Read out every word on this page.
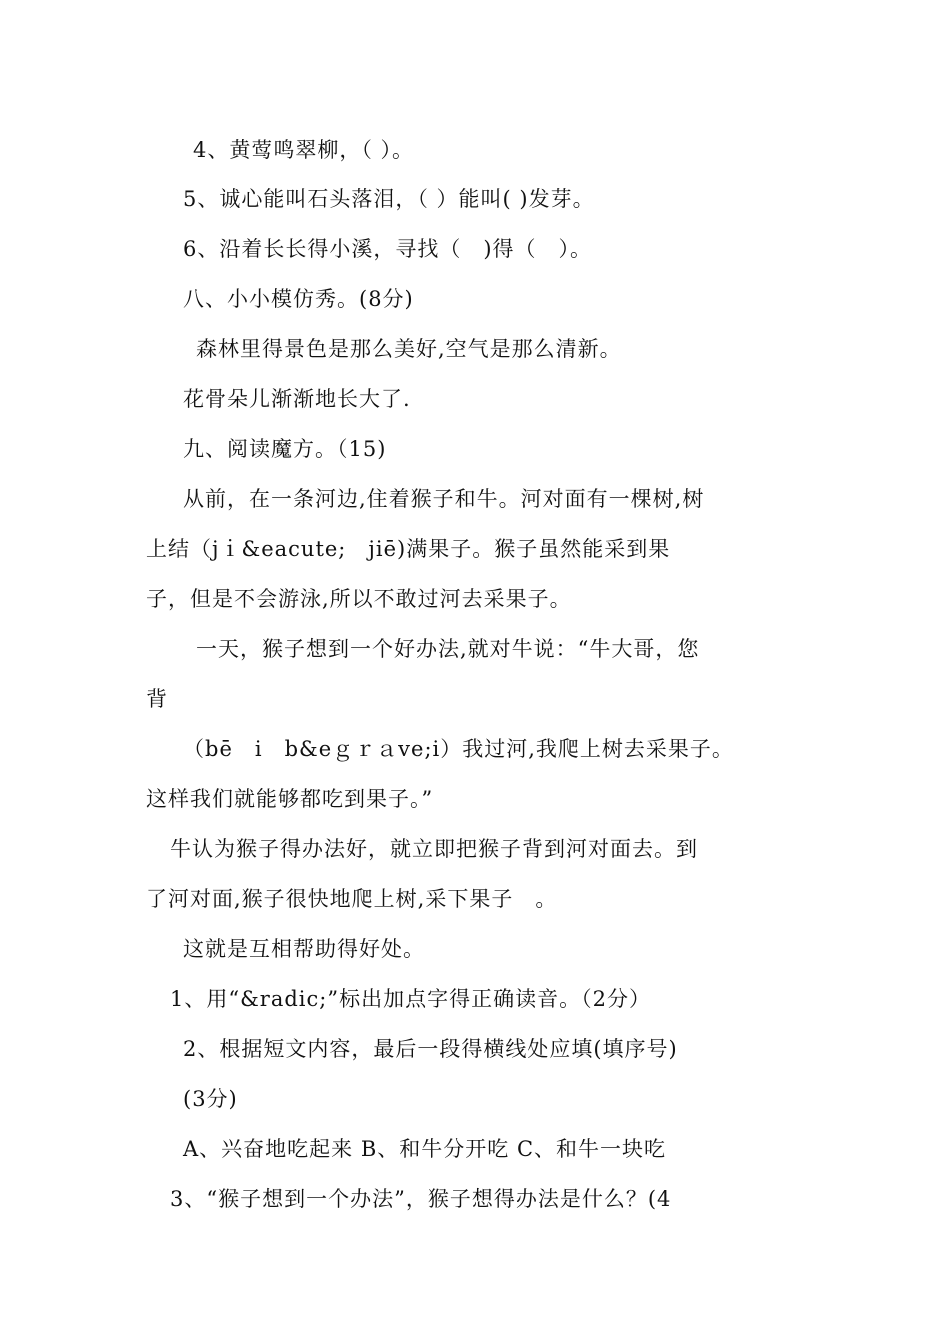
4、黄莺鸣翠柳，（ ）。
5、诚心能叫石头落泪，（ ）能叫( )发芽。
6、沿着长长得小溪，寻找（　)得（　）。
八、小小模仿秀。(8分)
森林里得景色是那么美好,空气是那么清新。
花骨朵儿渐渐地长大了.
九、阅读魔方。（15)
从前，在一条河边,住着猴子和牛。河对面有一棵树,树
上结（jｉ&eacute;　jiē)满果子。猴子虽然能采到果
子，但是不会游泳,所以不敢过河去采果子。
一天，猴子想到一个好办法,就对牛说：“牛大哥，您
背
（bē　i　b&eｇｒａve;i）我过河,我爬上树去采果子。
这样我们就能够都吃到果子。”
牛认为猴子得办法好，就立即把猴子背到河对面去。到
了河对面,猴子很快地爬上树,采下果子　。
这就是互相帮助得好处。
1、用“&radic;”标出加点字得正确读音。（2分）
2、根据短文内容，最后一段得横线处应填(填序号)
(3分)
A、兴奋地吃起来 B、和牛分开吃 C、和牛一块吃
3、“猴子想到一个办法”，猴子想得办法是什么？(4
